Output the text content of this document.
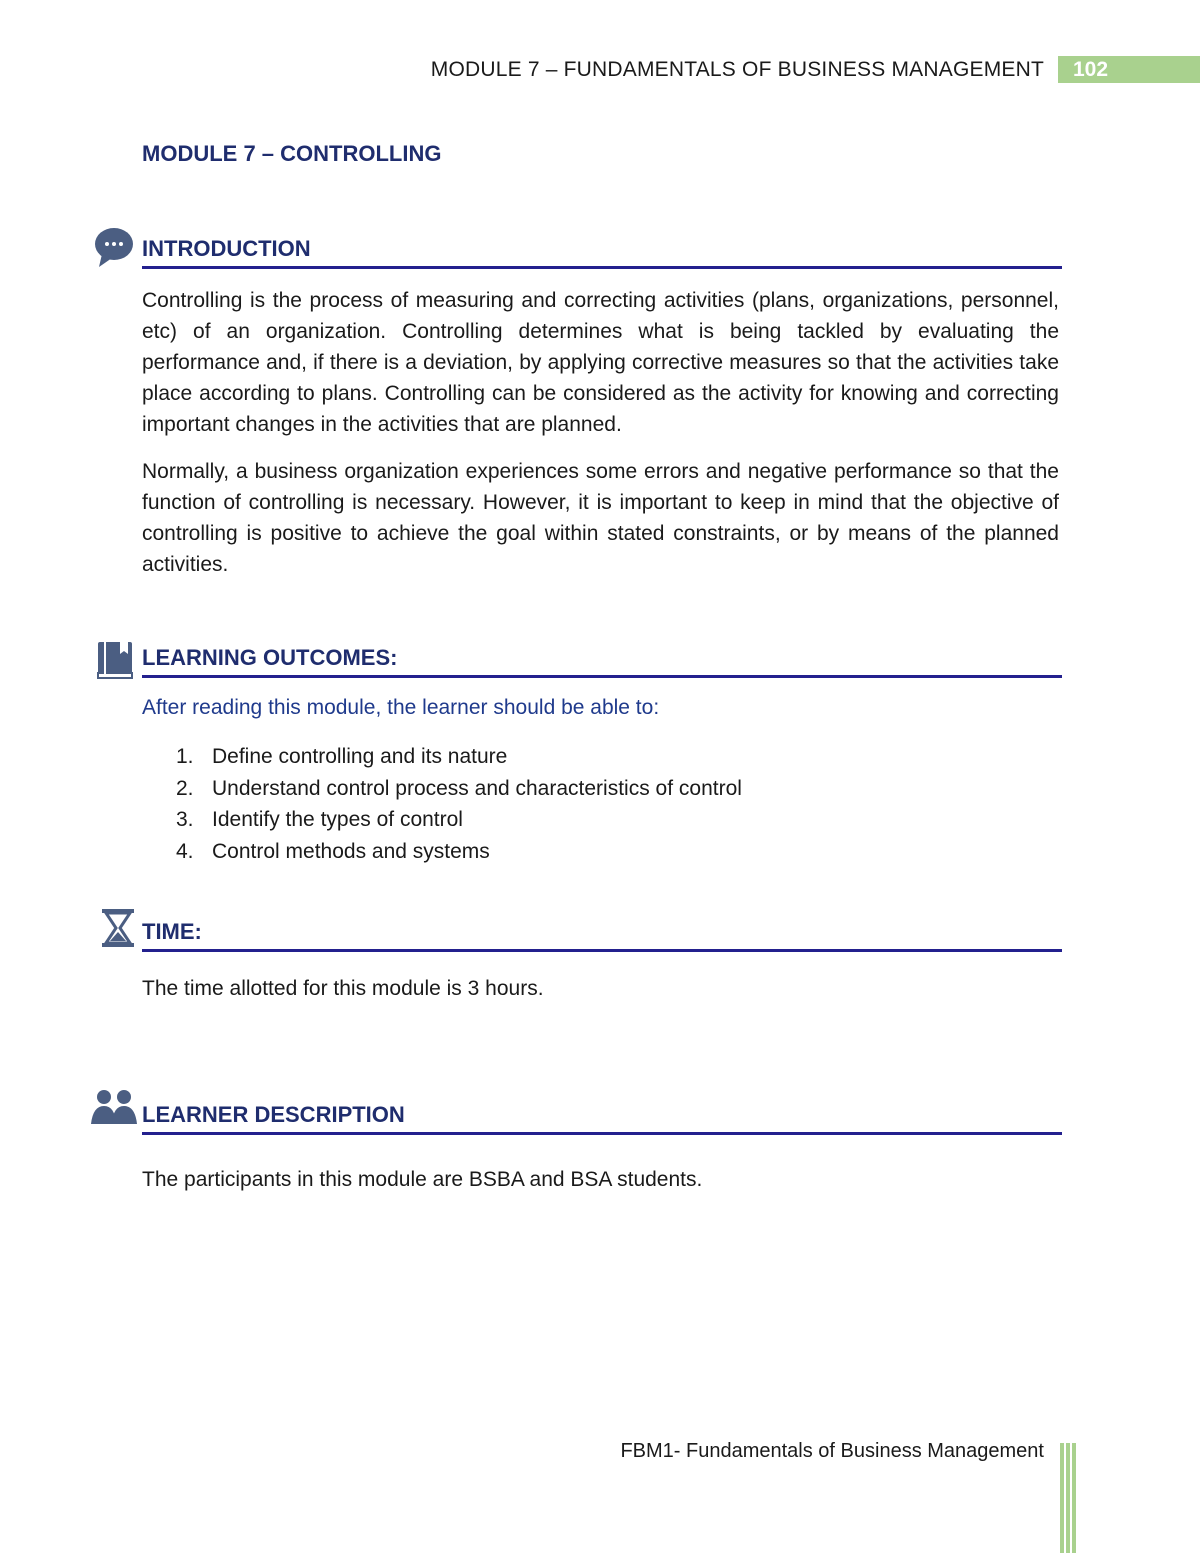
MODULE 7 – FUNDAMENTALS OF BUSINESS MANAGEMENT	102
MODULE 7 – CONTROLLING
INTRODUCTION

Controlling is the process of measuring and correcting activities (plans, organizations, personnel, etc) of an organization. Controlling determines what is being tackled by evaluating the performance and, if there is a deviation, by applying corrective measures so that the activities take place according to plans. Controlling can be considered as the activity for knowing and correcting important changes in the activities that are planned.

Normally, a business organization experiences some errors and negative performance so that the function of controlling is necessary. However, it is important to keep in mind that the objective of controlling is positive to achieve the goal within stated constraints, or by means of the planned activities.

LEARNING OUTCOMES:
After reading this module, the learner should be able to:
1. Define controlling and its nature
2. Understand control process and characteristics of control
3. Identify the types of control
4. Control methods and systems
TIME:
The time allotted for this module is 3 hours.
LEARNER DESCRIPTION
The participants in this module are BSBA and BSA students.
FBM1- Fundamentals of Business Management
